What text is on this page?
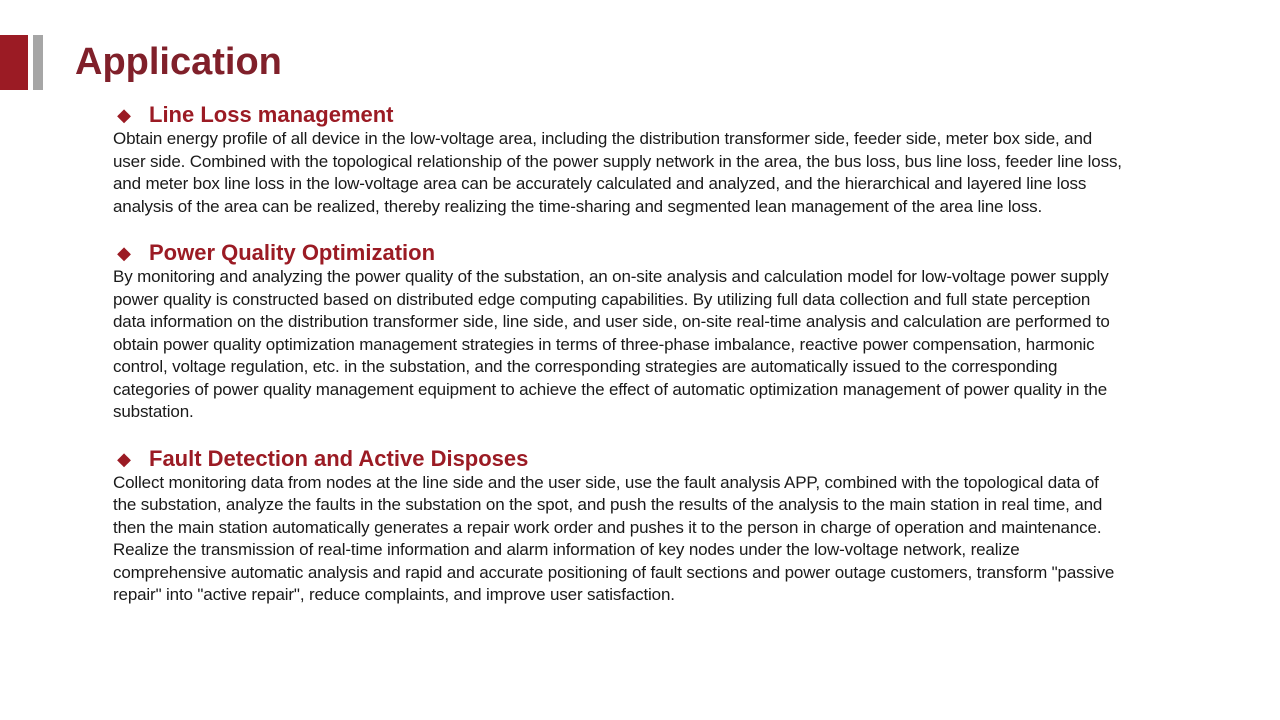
Application
◆ Line Loss management

Obtain energy profile of all device in the low-voltage area, including the distribution transformer side, feeder side, meter box side, and user side. Combined with the topological relationship of the power supply network in the area, the bus loss, bus line loss, feeder line loss, and meter box line loss in the low-voltage area can be accurately calculated and analyzed, and the hierarchical and layered line loss analysis of the area can be realized, thereby realizing the time-sharing and segmented lean management of the area line loss.

◆ Power Quality Optimization

By monitoring and analyzing the power quality of the substation, an on-site analysis and calculation model for low-voltage power supply power quality is constructed based on distributed edge computing capabilities. By utilizing full data collection and full state perception data information on the distribution transformer side, line side, and user side, on-site real-time analysis and calculation are performed to obtain power quality optimization management strategies in terms of three-phase imbalance, reactive power compensation, harmonic control, voltage regulation, etc. in the substation, and the corresponding strategies are automatically issued to the corresponding categories of power quality management equipment to achieve the effect of automatic optimization management of power quality in the substation.

◆ Fault Detection and Active Disposes

Collect monitoring data from nodes at the line side and the user side, use the fault analysis APP, combined with the topological data of the substation, analyze the faults in the substation on the spot, and push the results of the analysis to the main station in real time, and then the main station automatically generates a repair work order and pushes it to the person in charge of operation and maintenance. Realize the transmission of real-time information and alarm information of key nodes under the low-voltage network, realize comprehensive automatic analysis and rapid and accurate positioning of fault sections and power outage customers, transform "passive repair" into "active repair", reduce complaints, and improve user satisfaction.
